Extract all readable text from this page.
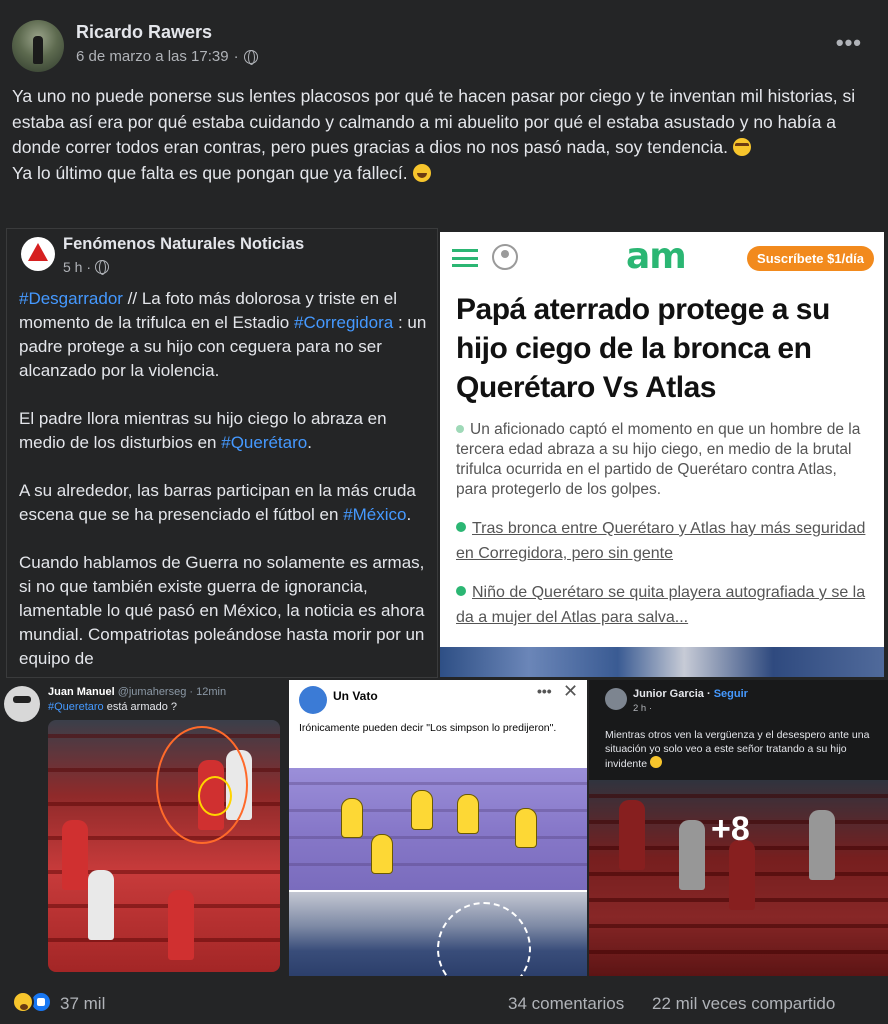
Ricardo Rawers
6 de marzo a las 17:39 ·
•••

Ya uno no puede ponerse sus lentes placosos por qué te hacen pasar por ciego y te inventan mil historias, si estaba así era por qué estaba cuidando y calmando a mi abuelito por qué el estaba asustado y no había a donde correr todos eran contras, pero pues gracias a dios no nos pasó nada, soy tendencia.

Ya lo último que falta es que pongan que ya fallecí.

Fenómenos Naturales Noticias
5 h ·
#Desgarrador // La foto más dolorosa y triste en el momento de la trifulca en el Estadio #Corregidora : un padre protege a su hijo con ceguera para no ser alcanzado por la violencia.
El padre llora mientras su hijo ciego lo abraza en medio de los disturbios en #Querétaro.
A su alrededor, las barras participan en la más cruda escena que se ha presenciado el fútbol en #México.
Cuando hablamos de Guerra no solamente es armas, si no que también existe guerra de ignorancia, lamentable lo qué pasó en México, la noticia es ahora mundial. Compatriotas poleándose hasta morir por un equipo de
am	Suscríbete $1/día
Papá aterrado protege a su hijo ciego de la bronca en Querétaro Vs Atlas
Un aficionado captó el momento en que un hombre de la tercera edad abraza a su hijo ciego, en medio de la brutal trifulca ocurrida en el partido de Querétaro contra Atlas, para protegerlo de los golpes.
Tras bronca entre Querétaro y Atlas hay más seguridad en Corregidora, pero sin gente
Niño de Querétaro se quita playera autografiada y se la da a mujer del Atlas para salva...
Juan Manuel @jumaherseg · 12min
#Queretaro está armado ?
Un Vato	••• ✕
Irónicamente pueden decir "Los simpson lo predijeron".
Junior Garcia · Seguir
2 h ·
Mientras otros ven la vergüenza y el desespero ante una situación yo solo veo a este señor tratando a su hijo invidente
+8
37 mil	34 comentarios 22 mil veces compartido
